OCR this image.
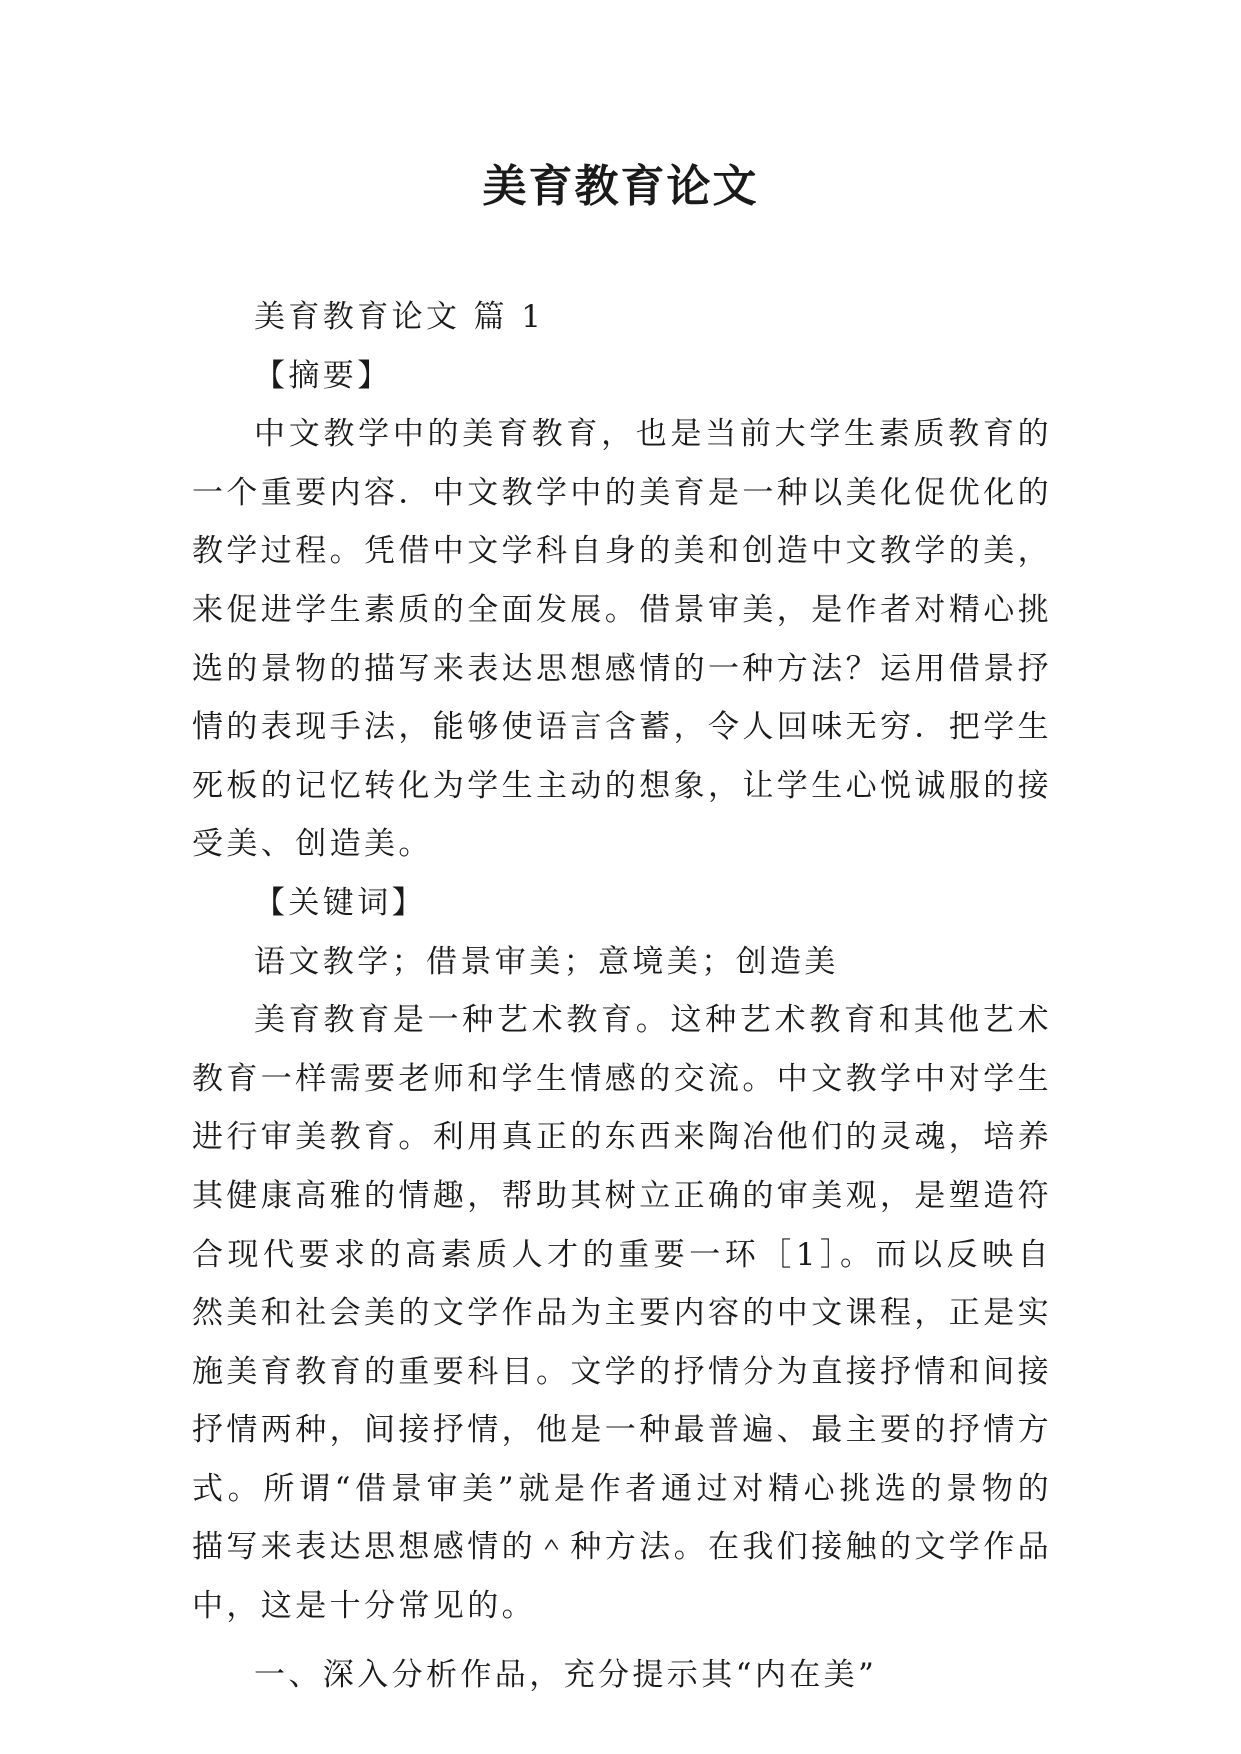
美育教育论文

美育教育论文 篇 1

【摘要】

中文教学中的美育教育，也是当前大学生素质教育的一个重要内容．中文教学中的美育是一种以美化促优化的教学过程。凭借中文学科自身的美和创造中文教学的美，来促进学生素质的全面发展。借景审美，是作者对精心挑选的景物的描写来表达思想感情的一种方法？运用借景抒情的表现手法，能够使语言含蓄，令人回味无穷．把学生死板的记忆转化为学生主动的想象，让学生心悦诚服的接受美、创造美。

【关键词】

语文教学；借景审美；意境美；创造美

美育教育是一种艺术教育。这种艺术教育和其他艺术教育一样需要老师和学生情感的交流。中文教学中对学生进行审美教育。利用真正的东西来陶冶他们的灵魂，培养其健康高雅的情趣，帮助其树立正确的审美观，是塑造符合现代要求的高素质人才的重要一环［1］。而以反映自然美和社会美的文学作品为主要内容的中文课程，正是实施美育教育的重要科目。文学的抒情分为直接抒情和间接抒情两种，间接抒情，他是一种最普遍、最主要的抒情方式。所谓“借景审美”就是作者通过对精心挑选的景物的描写来表达思想感情的＾种方法。在我们接触的文学作品中，这是十分常见的。

一、深入分析作品，充分提示其“内在美”
